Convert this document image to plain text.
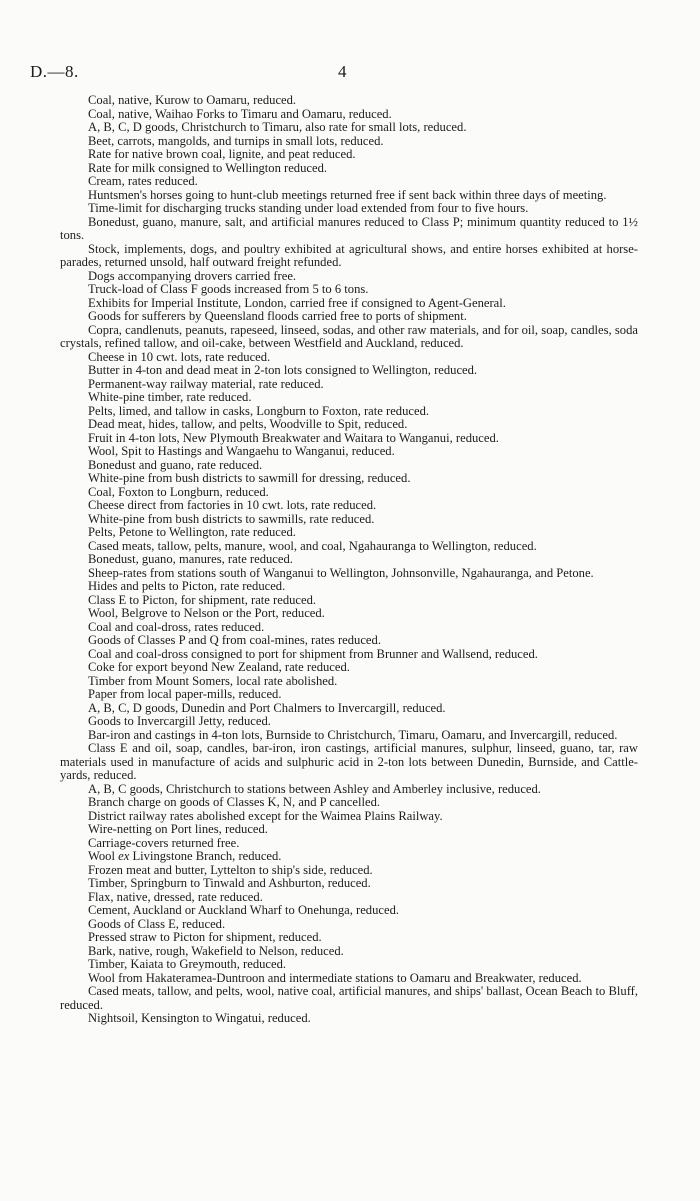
D.—8.	4

Coal, native, Kurow to Oamaru, reduced.

Coal, native, Waihao Forks to Timaru and Oamaru, reduced.

A, B, C, D goods, Christchurch to Timaru, also rate for small lots, reduced.

Beet, carrots, mangolds, and turnips in small lots, reduced.

Rate for native brown coal, lignite, and peat reduced.

Rate for milk consigned to Wellington reduced.

Cream, rates reduced.

Huntsmen's horses going to hunt-club meetings returned free if sent back within three days of meeting.

Time-limit for discharging trucks standing under load extended from four to five hours.

Bonedust, guano, manure, salt, and artificial manures reduced to Class P; minimum quantity reduced to 1½ tons.

Stock, implements, dogs, and poultry exhibited at agricultural shows, and entire horses exhibited at horse-parades, returned unsold, half outward freight refunded.

Dogs accompanying drovers carried free.

Truck-load of Class F goods increased from 5 to 6 tons.

Exhibits for Imperial Institute, London, carried free if consigned to Agent-General.

Goods for sufferers by Queensland floods carried free to ports of shipment.

Copra, candlenuts, peanuts, rapeseed, linseed, sodas, and other raw materials, and for oil, soap, candles, soda crystals, refined tallow, and oil-cake, between Westfield and Auckland, reduced.

Cheese in 10 cwt. lots, rate reduced.

Butter in 4-ton and dead meat in 2-ton lots consigned to Wellington, reduced.

Permanent-way railway material, rate reduced.

White-pine timber, rate reduced.

Pelts, limed, and tallow in casks, Longburn to Foxton, rate reduced.

Dead meat, hides, tallow, and pelts, Woodville to Spit, reduced.

Fruit in 4-ton lots, New Plymouth Breakwater and Waitara to Wanganui, reduced.

Wool, Spit to Hastings and Wangaehu to Wanganui, reduced.

Bonedust and guano, rate reduced.

White-pine from bush districts to sawmill for dressing, reduced.

Coal, Foxton to Longburn, reduced.

Cheese direct from factories in 10 cwt. lots, rate reduced.

White-pine from bush districts to sawmills, rate reduced.

Pelts, Petone to Wellington, rate reduced.

Cased meats, tallow, pelts, manure, wool, and coal, Ngahauranga to Wellington, reduced.

Bonedust, guano, manures, rate reduced.

Sheep-rates from stations south of Wanganui to Wellington, Johnsonville, Ngahauranga, and Petone.

Hides and pelts to Picton, rate reduced.

Class E to Picton, for shipment, rate reduced.

Wool, Belgrove to Nelson or the Port, reduced.

Coal and coal-dross, rates reduced.

Goods of Classes P and Q from coal-mines, rates reduced.

Coal and coal-dross consigned to port for shipment from Brunner and Wallsend, reduced.

Coke for export beyond New Zealand, rate reduced.

Timber from Mount Somers, local rate abolished.

Paper from local paper-mills, reduced.

A, B, C, D goods, Dunedin and Port Chalmers to Invercargill, reduced.

Goods to Invercargill Jetty, reduced.

Bar-iron and castings in 4-ton lots, Burnside to Christchurch, Timaru, Oamaru, and Invercargill, reduced.

Class E and oil, soap, candles, bar-iron, iron castings, artificial manures, sulphur, linseed, guano, tar, raw materials used in manufacture of acids and sulphuric acid in 2-ton lots between Dunedin, Burnside, and Cattle-yards, reduced.

A, B, C goods, Christchurch to stations between Ashley and Amberley inclusive, reduced.

Branch charge on goods of Classes K, N, and P cancelled.

District railway rates abolished except for the Waimea Plains Railway.

Wire-netting on Port lines, reduced.

Carriage-covers returned free.

Wool ex Livingstone Branch, reduced.

Frozen meat and butter, Lyttelton to ship's side, reduced.

Timber, Springburn to Tinwald and Ashburton, reduced.

Flax, native, dressed, rate reduced.

Cement, Auckland or Auckland Wharf to Onehunga, reduced.

Goods of Class E, reduced.

Pressed straw to Picton for shipment, reduced.

Bark, native, rough, Wakefield to Nelson, reduced.

Timber, Kaiata to Greymouth, reduced.

Wool from Hakateramea-Duntroon and intermediate stations to Oamaru and Breakwater, reduced.

Cased meats, tallow, and pelts, wool, native coal, artificial manures, and ships' ballast, Ocean Beach to Bluff, reduced.

Nightsoil, Kensington to Wingatui, reduced.
